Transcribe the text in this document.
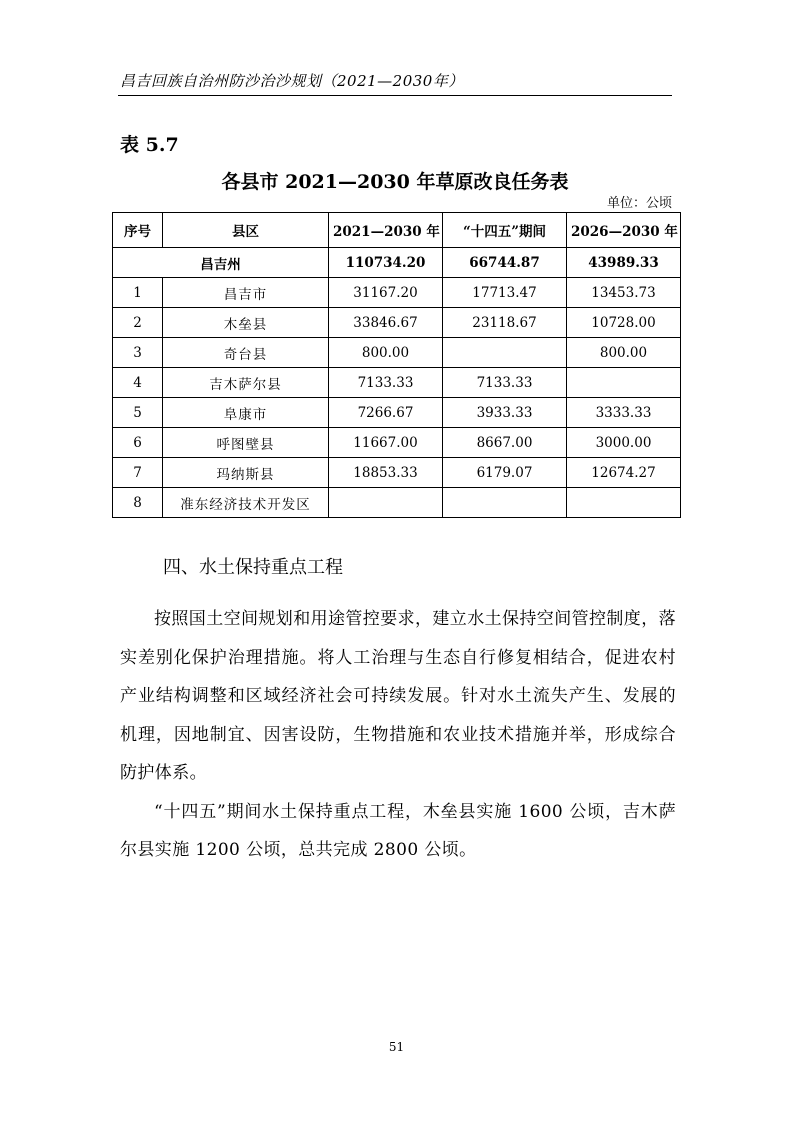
昌吉回族自治州防沙治沙规划（2021—2030年）
表 5.7
各县市 2021—2030 年草原改良任务表
单位：公顷
序号	县区	2021—2030 年	“十四五”期间	2026—2030 年
昌吉州		110734.20	66744.87	43989.33
1	昌吉市	31167.20	17713.47	13453.73
2	木垒县	33846.67	23118.67	10728.00
3	奇台县	800.00		800.00
4	吉木萨尔县	7133.33	7133.33	
5	阜康市	7266.67	3933.33	3333.33
6	呼图壁县	11667.00	8667.00	3000.00
7	玛纳斯县	18853.33	6179.07	12674.27
8	准东经济技术开发区			
四、水土保持重点工程

按照国土空间规划和用途管控要求，建立水土保持空间管控制度，落实差别化保护治理措施。将人工治理与生态自行修复相结合，促进农村产业结构调整和区域经济社会可持续发展。针对水土流失产生、发展的机理，因地制宜、因害设防，生物措施和农业技术措施并举，形成综合防护体系。

“十四五”期间水土保持重点工程，木垒县实施 1600 公顷，吉木萨尔县实施 1200 公顷，总共完成 2800 公顷。

51
